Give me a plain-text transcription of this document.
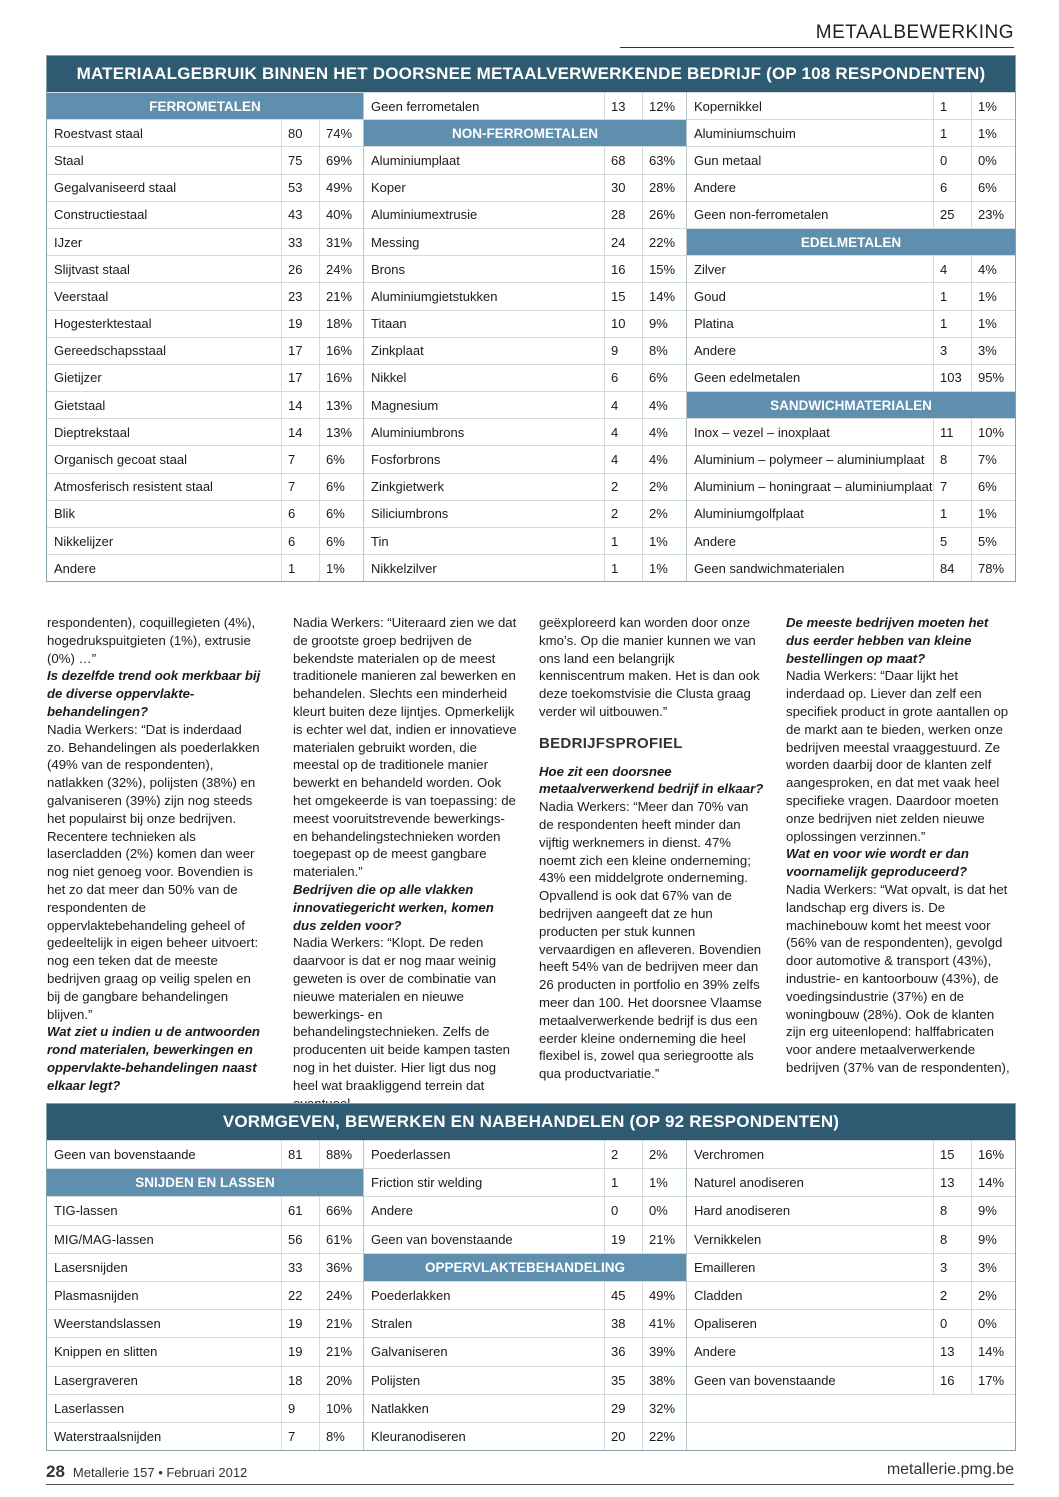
METAALBEWERKING
MATERIAALGEBRUIK BINNEN HET DOORSNEE METAALVERWERKENDE BEDRIJF (OP 108 RESPONDENTEN)
FERROMETALEN
Roestvast staal	80	74%
Staal	75	69%
Gegalvaniseerd staal	53	49%
Constructiestaal	43	40%
IJzer	33	31%
Slijtvast staal	26	24%
Veerstaal	23	21%
Hogesterktestaal	19	18%
Gereedschapsstaal	17	16%
Gietijzer	17	16%
Gietstaal	14	13%
Dieptrekstaal	14	13%
Organisch gecoat staal	7	6%
Atmosferisch resistent staal	7	6%
Blik	6	6%
Nikkelijzer	6	6%
Andere	1	1%
Geen ferrometalen	13	12%
NON-FERROMETALEN
Aluminiumplaat	68	63%
Koper	30	28%
Aluminiumextrusie	28	26%
Messing	24	22%
Brons	16	15%
Aluminiumgietstukken	15	14%
Titaan	10	9%
Zinkplaat	9	8%
Nikkel	6	6%
Magnesium	4	4%
Aluminiumbrons	4	4%
Fosforbrons	4	4%
Zinkgietwerk	2	2%
Siliciumbrons	2	2%
Tin	1	1%
Nikkelzilver	1	1%
Kopernikkel	1	1%
Aluminiumschuim	1	1%
Gun metaal	0	0%
Andere	6	6%
Geen non-ferrometalen	25	23%
EDELMETALEN
Zilver	4	4%
Goud	1	1%
Platina	1	1%
Andere	3	3%
Geen edelmetalen	103	95%
SANDWICHMATERIALEN
Inox – vezel – inoxplaat	11	10%
Aluminium – polymeer – aluminiumplaat	8	7%
Aluminium – honingraat – aluminiumplaat 7	6%
Aluminiumgolfplaat	1	1%
Andere	5	5%
Geen sandwichmaterialen	84	78%

respondenten), coquillegieten (4%), hogedrukspuitgieten (1%), extrusie (0%) …”

Is dezelfde trend ook merkbaar bij de diverse oppervlakte-behandelingen?

Nadia Werkers: “Dat is inderdaad zo. Behandelingen als poederlakken (49% van de respondenten), natlakken (32%), polijsten (38%) en galvaniseren (39%) zijn nog steeds het populairst bij onze bedrijven. Recentere technieken als lasercladden (2%) komen dan weer nog niet genoeg voor. Bovendien is het zo dat meer dan 50% van de respondenten de oppervlaktebehandeling geheel of gedeeltelijk in eigen beheer uitvoert: nog een teken dat de meeste bedrijven graag op veilig spelen en bij de gangbare behandelingen blijven.”

Wat ziet u indien u de antwoorden rond materialen, bewerkingen en oppervlakte-behandelingen naast elkaar legt?

Nadia Werkers: “Uiteraard zien we dat de grootste groep bedrijven de bekendste materialen op de meest traditionele manieren zal bewerken en behandelen. Slechts een minderheid kleurt buiten deze lijntjes. Opmerkelijk is echter wel dat, indien er innovatieve materialen gebruikt worden, die meestal op de traditionele manier bewerkt en behandeld worden. Ook het omgekeerde is van toepassing: de meest vooruitstrevende bewerkings- en behandelingstechnieken worden toegepast op de meest gangbare materialen.”

Bedrijven die op alle vlakken innovatiegericht werken, komen dus zelden voor?

Nadia Werkers: “Klopt. De reden daarvoor is dat er nog maar weinig geweten is over de combinatie van nieuwe materialen en nieuwe bewerkings- en behandelingstechnieken. Zelfs de producenten uit beide kampen tasten nog in het duister. Hier ligt dus nog heel wat braakliggend terrein dat

geëxploreerd kan worden door onze kmo’s. Op die manier kunnen we van ons land een belangrijk kenniscentrum maken. Het is dan ook deze toekomstvisie die Clusta graag verder wil uitbouwen.”

BEDRIJFSPROFIEL

Hoe zit een doorsnee metaalverwerkend bedrijf in elkaar?

Nadia Werkers: “Meer dan 70% van de respondenten heeft minder dan vijftig werknemers in dienst. 47% noemt zich een kleine onderneming; 43% een middelgrote onderneming. Opvallend is ook dat 67% van de bedrijven aangeeft dat ze hun producten per stuk kunnen vervaardigen en afleveren. Bovendien heeft 54% van de bedrijven meer dan 26 producten in portfolio en 39% zelfs meer dan 100. Het doorsnee Vlaamse metaalverwerkende bedrijf is dus een eerder kleine onderneming die heel flexibel is, zowel qua seriegrootte als qua productvariatie.”

De meeste bedrijven moeten het dus eerder hebben van kleine bestellingen op maat?

Nadia Werkers: “Daar lijkt het inderdaad op. Liever dan zelf een specifiek product in grote aantallen op de markt aan te bieden, werken onze bedrijven meestal vraaggestuurd. Ze worden daarbij door de klanten zelf aangesproken, en dat met vaak heel specifieke vragen. Daardoor moeten onze bedrijven niet zelden nieuwe oplossingen verzinnen.”

Wat en voor wie wordt er dan voornamelijk geproduceerd?

Nadia Werkers: “Wat opvalt, is dat het landschap erg divers is. De machinebouw komt het meest voor (56% van de respondenten), gevolgd door automotive & transport (43%), industrie- en kantoorbouw (43%), de voedingsindustrie (37%) en de woningbouw (28%). Ook de klanten zijn erg uiteenlopend: halffabricaten voor andere metaalverwerkende bedrijven (37% van de respondenten),

VORMGEVEN, BEWERKEN EN NABEHANDELEN (OP 92 RESPONDENTEN)
Geen van bovenstaande	81	88%
SNIJDEN EN LASSEN
TIG-lassen	61	66%
MIG/MAG-lassen	56	61%
Lasersnijden	33	36%
Plasmasnijden	22	24%
Weerstandslassen	19	21%
Knippen en slitten	19	21%
Lasergraveren	18	20%
Laserlassen	9	10%
Waterstraalsnijden	7	8%
Poederlassen	2	2%
Friction stir welding	1	1%
Andere	0	0%
Geen van bovenstaande	19	21%
OPPERVLAKTEBEHANDELING
Poederlakken	45	49%
Stralen	38	41%
Galvaniseren	36	39%
Polijsten	35	38%
Natlakken	29	32%
Kleuranodiseren	20	22%
Verchromen	15	16%
Naturel anodiseren	13	14%
Hard anodiseren	8	9%
Vernikkelen	8	9%
Emailleren	3	3%
Cladden	2	2%
Opaliseren	0	0%
Andere	13	14%
Geen van bovenstaande	16	17%
28 Metallerie 157 • Februari 2012	metallerie.pmg.be
